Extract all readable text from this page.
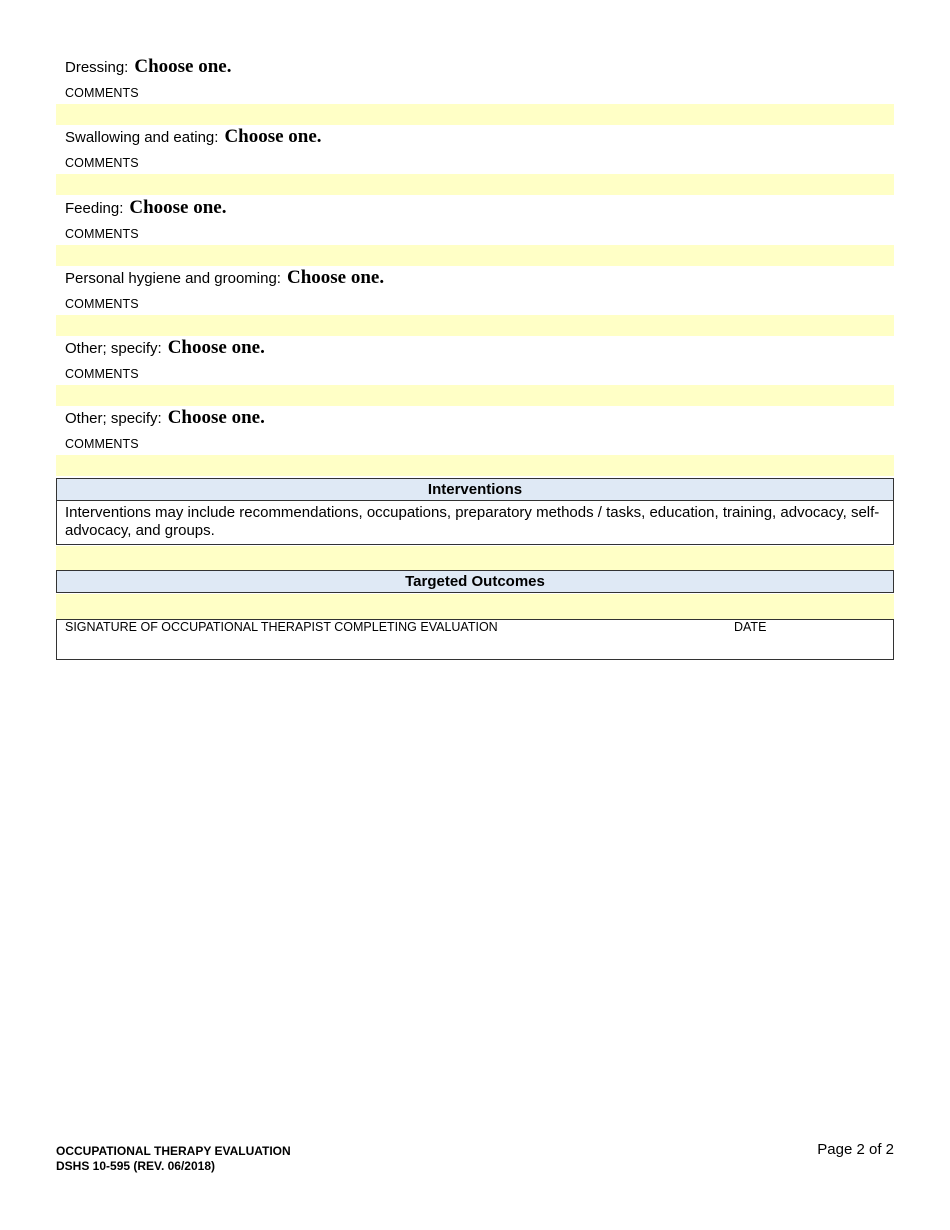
Dressing: Choose one.
COMMENTS
Swallowing and eating: Choose one.
COMMENTS
Feeding: Choose one.
COMMENTS
Personal hygiene and grooming: Choose one.
COMMENTS
Other; specify: Choose one.
COMMENTS
Other; specify: Choose one.
COMMENTS
Interventions
Interventions may include recommendations, occupations, preparatory methods / tasks, education, training, advocacy, self-advocacy, and groups.
Targeted Outcomes
SIGNATURE OF OCCUPATIONAL THERAPIST COMPLETING EVALUATION	DATE
OCCUPATIONAL THERAPY EVALUATION
DSHS 10-595 (REV. 06/2018)
Page 2 of 2
